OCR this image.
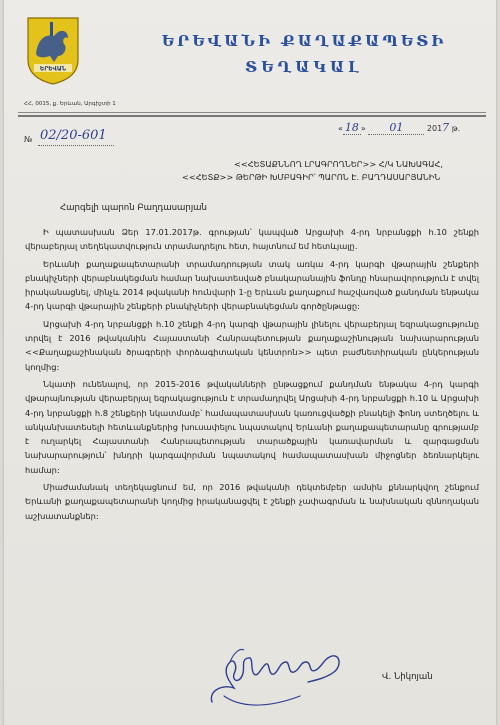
ԵՐԵՎԱՆ
ԵՐԵՎԱՆԻ ՔԱՂԱՔԱՊԵՏԻ
ՏԵՂԱԿԱԼ
ՀՀ, 0015, ք. Երևան, Արգիշտի 1
№ 02/20-601	« 18 » 01	2017 թ.
<<ՀԵՏԱՔՆՆՈՂ ԼՐԱԳՐՈՂՆԵՐ>> Հ/Կ ՆԱԽԱԳԱՀ,
<<ՀԵՏՔ>> ԹԵՐԹԻ ԽՄԲԱԳԻՐ՝ ՊԱՐՈՆ Է. ԲԱՂԴԱՍԱՐՅԱՆԻՆ
Հարգելի պարոն Բաղդասարյան

Ի պատասխան Ձեր 17.01.2017թ. գրության՝ կապված Արցախի 4-րդ նրբանցքի հ.10 շենքի վերաբերյալ տեղեկատվություն տրամադրելու հետ, հայտնում եմ հետևյալը.

Երևանի քաղաքապետարանի տրամադրության տակ առկա 4-րդ կարգի վթարային շենքերի բնակիչների վերաբնակեցման համար նախատեսված բնակարանային ֆոնդը հնարավորություն է տվել իրականացնել, մինչև 2014 թվականի հունվարի 1-ը Երևան քաղաքում հաշվառված քանդման ենթակա 4-րդ կարգի վթարային շենքերի բնակիչների վերաբնակեցման գործընթացը:

Արցախի 4-րդ նրբանցքի հ.10 շենքի 4-րդ կարգի վթարային լինելու վերաբերյալ եզրակացությունը տրվել է 2016 թվականին Հայաստանի Հանրապետության քաղաքաշինության նախարարության <<Քաղաքաշինական ծրագրերի փորձագիտական կենտրոն>> պետ բաժնետիրական ընկերության կողմից:

Նկատի ունենալով, որ 2015-2016 թվականների ընթացքում քանդման ենթակա 4-րդ կարգի վթարայնության վերաբերյալ եզրակացություն է տրամադրվել Արցախի 4-րդ նրբանցքի հ.10 և Արցախի 4-րդ նրբանցքի հ.8 շենքերի նկատմամբ՝ համապատասխան կառուցվածքի բնակելի ֆոնդ ստեղծելու և անկանխատեսելի հետևանքներից խուսափելու նպատակով Երևանի քաղաքապետարանը գրությամբ է ուղարկել Հայաստանի Հանրապետության տարածքային կառավարման և զարգացման նախարարություն՝ խնդրի կարգավորման նպատակով համապատասխան միջոցներ ձեռնարկելու համար:

Միաժամանակ տեղեկացնում եմ, որ 2016 թվականի դեկտեմբեր ամսին քննարկվող շենքում Երևանի քաղաքապետարանի կողմից իրականացվել է շենքի չափագրման և նախնական զննողական աշխատանքներ:

Վ. Նիկոյան
